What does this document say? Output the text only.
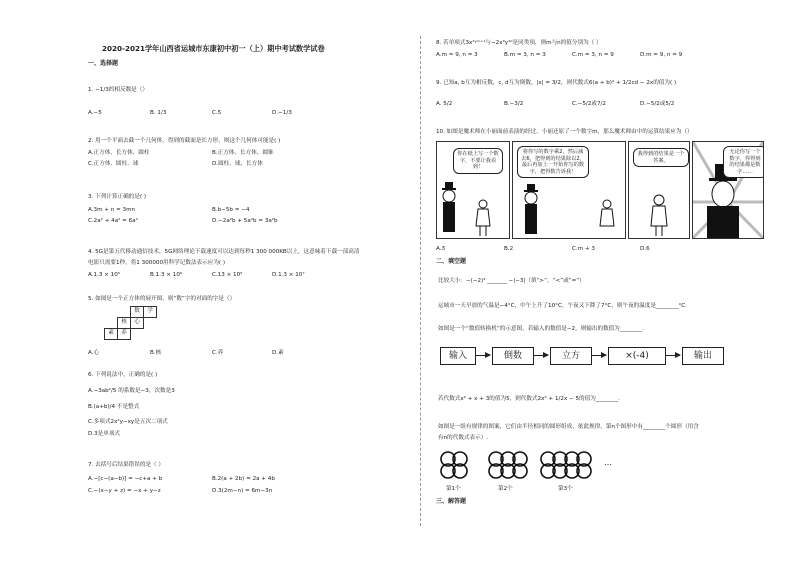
2020-2021学年山西省运城市东康初中初一（上）期中考试数学试卷
一、选择题
1. −1/3的相反数是（）
A.−5	B. 1/3	C.5	D.−1/3
2. 用一个平面去截一个几何体，得到的截面是长方形，则这个几何体可能是( )
A.正方体、长方体、圆柱	B.正方体、长方体、圆锥
C.正方体、圆柱、球	D.圆柱、球、长方体
3. 下列计算正确的是( )
A.3m + n = 3mn	B.b−5b = −4
C.2a² + 4a² = 6a⁴	D.−2a²b + 5a²b = 3a²b
4. 5G是第五代移动通信技术，5G网络理论下载速度可以达到每秒1 300 000KB以上，这意味着下载一部高清
电影只需要1秒，将1 300000用科学记数法表示应为( )
A.1.3 × 10⁵	B.1.3 × 10⁶	C.13 × 10⁵	D.1.3 × 10⁷
5. 如图是一个正方体的展开图，则“数”字的对面的字是（）
		数	学
	核	心	
素	养		
A.心	B.核	C.养	D.素
6. 下列说法中，正确的是( )
A.−3ab²/5 的系数是−3，次数是3
B.(a+b)/4 不是整式
C.多项式2x²y−xy是五次二项式
D.3是单项式
7. 去括号后结果错误的是（ ）
A.−[c−(a−b)] = −c+a + b	B.2(a + 2b) = 2a + 4b
C.−(x−y + z) = −x + y−z	D.3(2m−n) = 6m−3n
8. 若单项式3x²ʸᵐ⁺¹与−2x³y¹⁰是同类项，则m与n的值分别为（ ）
A.m = 9, n = 3	B.m = 3, n = 3	C.m = 3, n = 9	D.m = 9, n = 9
9. 已知a, b互为相反数，c, d互为倒数，|x| = 3/2，则代数式6(a + b)² + 1/2cd − 2x的值为( )
A. 5/2	B.−3/2	C.−5/2或7/2	D.−5/2或5/2
10. 如图是魔术师在小丽面前表演的经过，小丽还原了一个数字m，那么魔术师由中的运算结果应为（）
你在纸上写一个数字，不要让我看到！
将你写的数字乘2，然后减去6，把得到的结果除以2，最后再加上一开始你写的数字，把得数告诉我！
我得到的结果是一个答案。
无论你写一个数字，你得到的结果都是数字……
A.3	B.2	C.m + 3	D.6
二、填空题
比较大小：−(−2)³ _______ −|−3|（填“>”，“<”或“=”）
运城市一天早晨的气温是−4°C，中午上升了10°C，午夜又下降了7°C，则午夜的温度是________°C.
如图是一个“数值转换机”的示意图，若输入的数值是−2，则输出的数值为________.
输入	倒数	立方	×(-4)	输出
若代数式x² + x + 3的值为5，则代数式2x² + 1/2x − 5的值为________.
如图是一组有规律的图案，它们由半径相同的圆形组成，依此规律，第n个图形中有________个圆形（用含
有n的代数式表示）.
…
第1个	第2个	第3个
三、解答题
